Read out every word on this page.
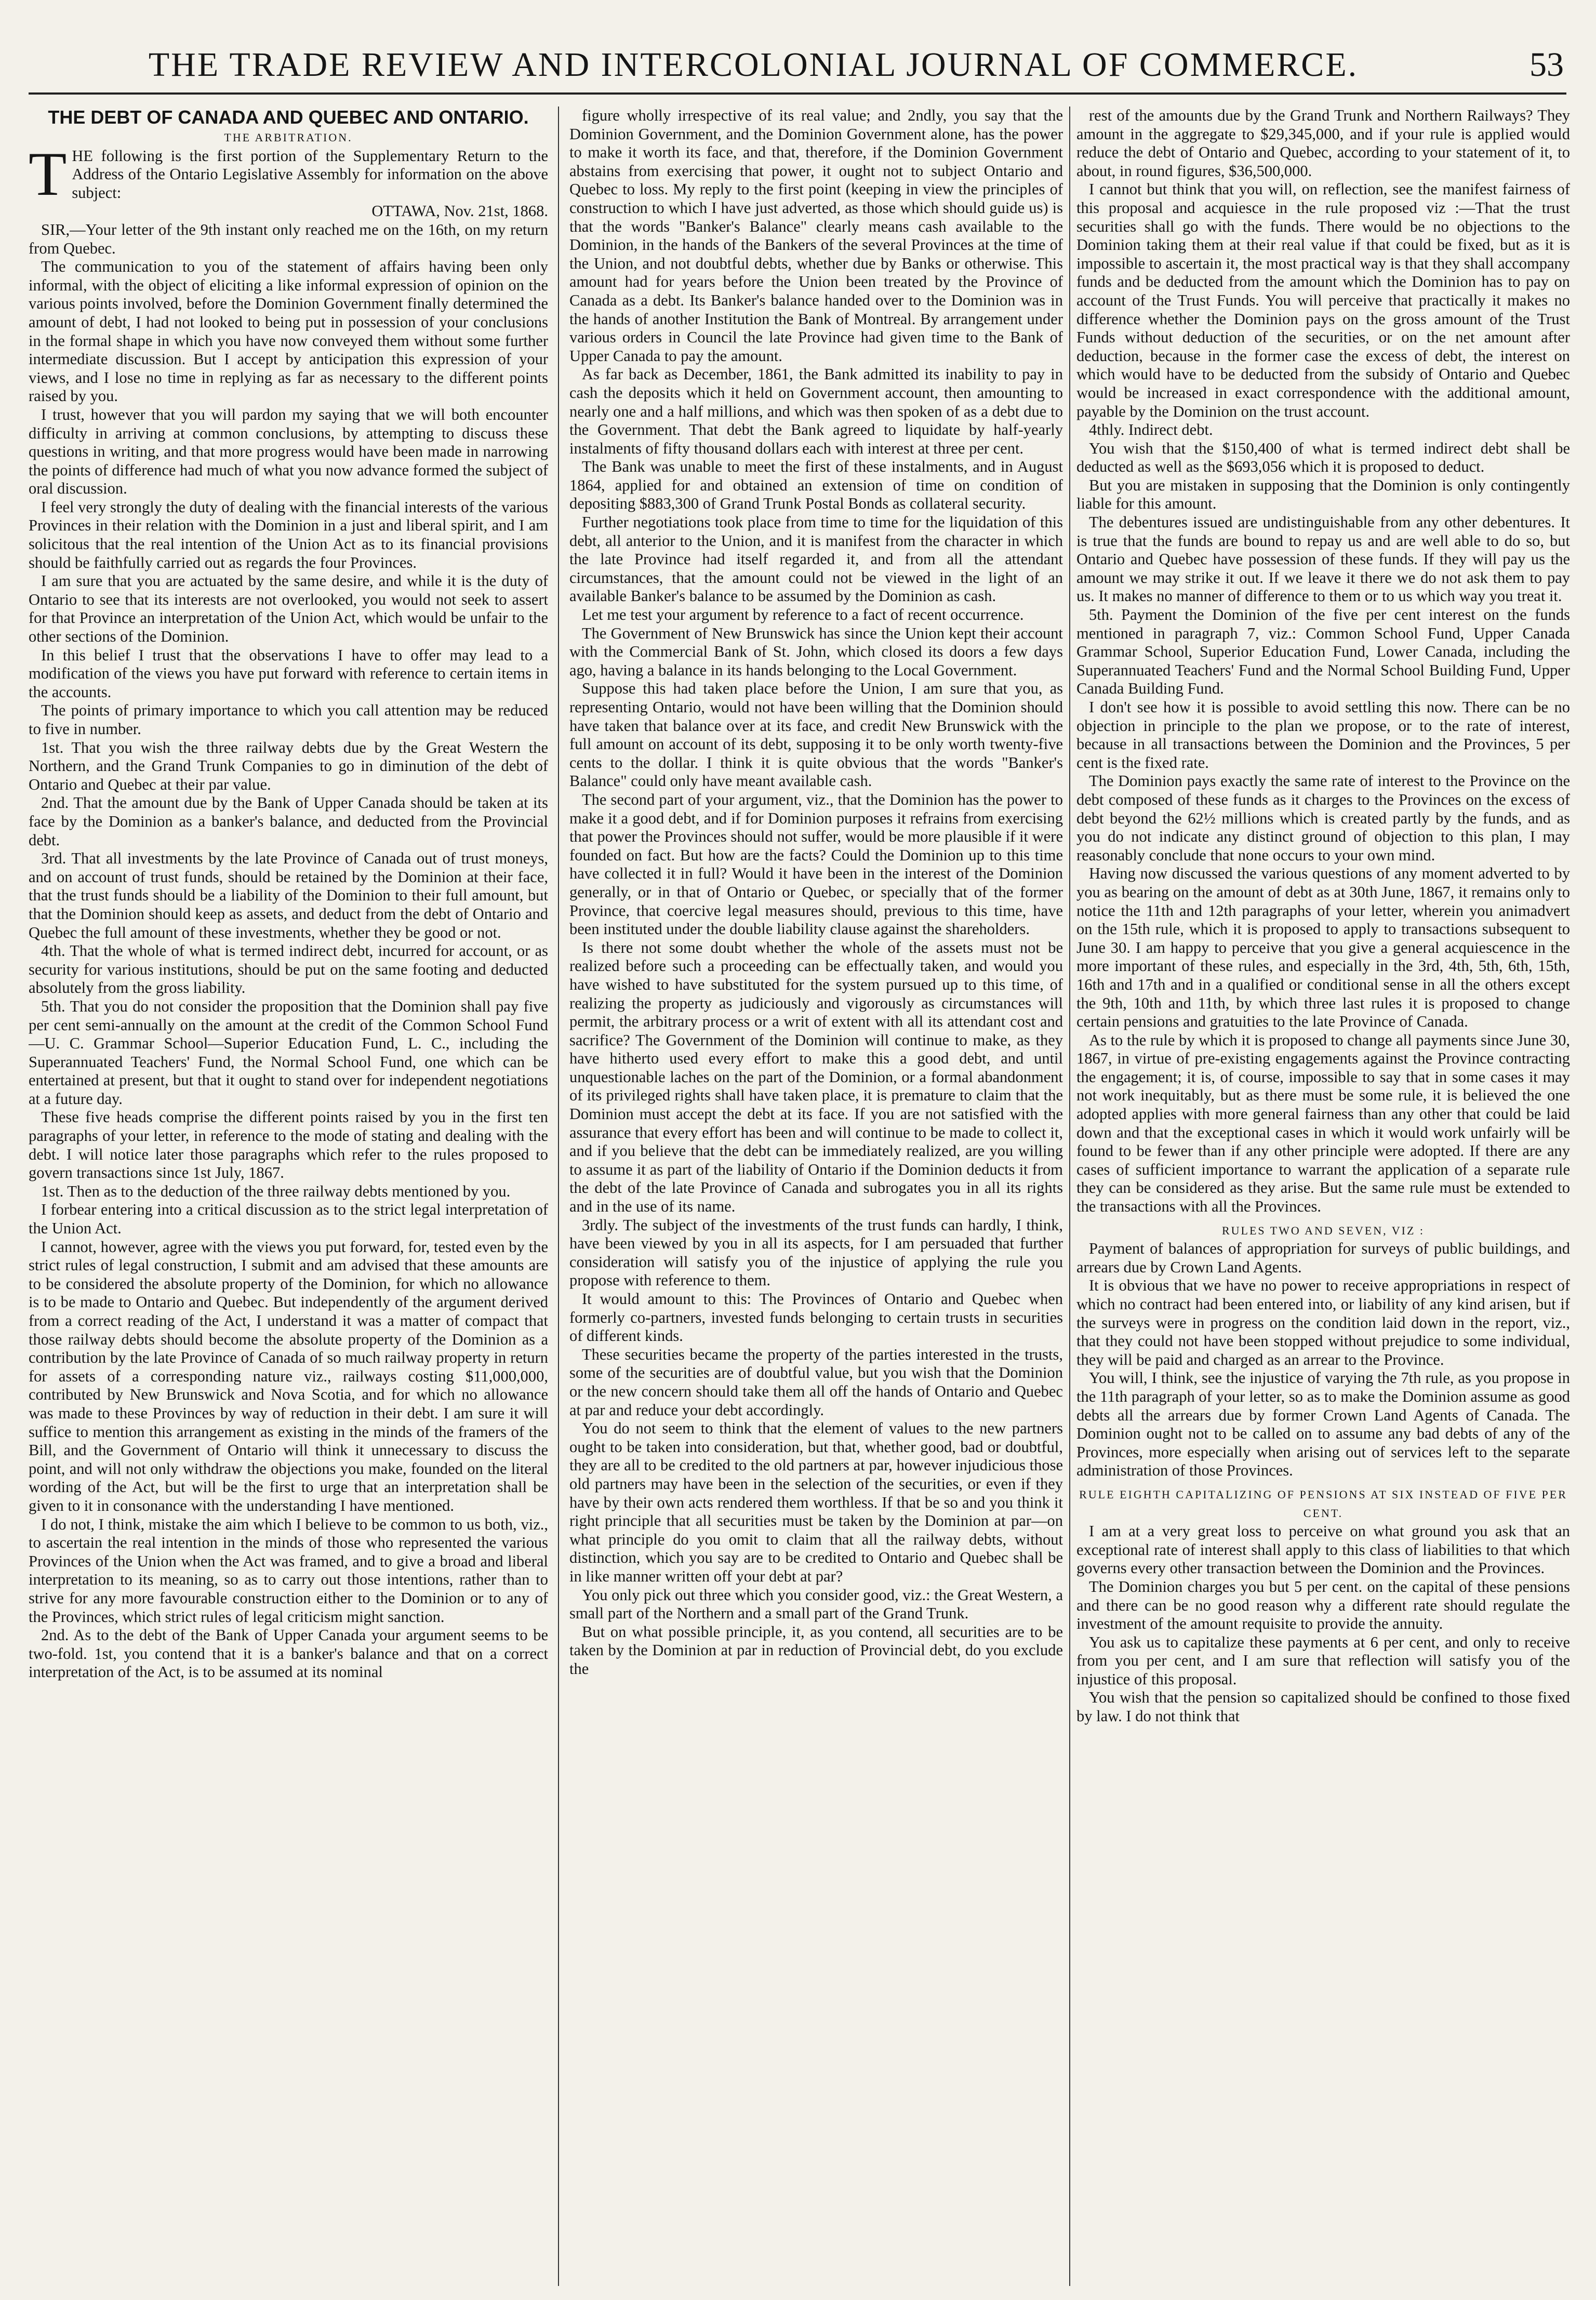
THE TRADE REVIEW AND INTERCOLONIAL JOURNAL OF COMMERCE.	53

THE DEBT OF CANADA AND QUEBEC AND ONTARIO.

THE ARBITRATION.

THE following is the first portion of the Supplementary Return to the Address of the Ontario Legislative Assembly for information on the above subject:

OTTAWA, Nov. 21st, 1868.

SIR,—Your letter of the 9th instant only reached me on the 16th, on my return from Quebec.

The communication to you of the statement of affairs having been only informal, with the object of eliciting a like informal expression of opinion on the various points involved, before the Dominion Government finally determined the amount of debt, I had not looked to being put in possession of your conclusions in the formal shape in which you have now conveyed them without some further intermediate discussion. But I accept by anticipation this expression of your views, and I lose no time in replying as far as necessary to the different points raised by you.

I trust, however that you will pardon my saying that we will both encounter difficulty in arriving at common conclusions, by attempting to discuss these questions in writing, and that more progress would have been made in narrowing the points of difference had much of what you now advance formed the subject of oral discussion.

I feel very strongly the duty of dealing with the financial interests of the various Provinces in their relation with the Dominion in a just and liberal spirit, and I am solicitous that the real intention of the Union Act as to its financial provisions should be faithfully carried out as regards the four Provinces.

I am sure that you are actuated by the same desire, and while it is the duty of Ontario to see that its interests are not overlooked, you would not seek to assert for that Province an interpretation of the Union Act, which would be unfair to the other sections of the Dominion.

In this belief I trust that the observations I have to offer may lead to a modification of the views you have put forward with reference to certain items in the accounts.

The points of primary importance to which you call attention may be reduced to five in number.

1st. That you wish the three railway debts due by the Great Western the Northern, and the Grand Trunk Companies to go in diminution of the debt of Ontario and Quebec at their par value.

2nd. That the amount due by the Bank of Upper Canada should be taken at its face by the Dominion as a banker's balance, and deducted from the Provincial debt.

3rd. That all investments by the late Province of Canada out of trust moneys, and on account of trust funds, should be retained by the Dominion at their face, that the trust funds should be a liability of the Dominion to their full amount, but that the Dominion should keep as assets, and deduct from the debt of Ontario and Quebec the full amount of these investments, whether they be good or not.

4th. That the whole of what is termed indirect debt, incurred for account, or as security for various institutions, should be put on the same footing and deducted absolutely from the gross liability.

5th. That you do not consider the proposition that the Dominion shall pay five per cent semi-annually on the amount at the credit of the Common School Fund —U. C. Grammar School—Superior Education Fund, L. C., including the Superannuated Teachers' Fund, the Normal School Fund, one which can be entertained at present, but that it ought to stand over for independent negotiations at a future day.

These five heads comprise the different points raised by you in the first ten paragraphs of your letter, in reference to the mode of stating and dealing with the debt. I will notice later those paragraphs which refer to the rules proposed to govern transactions since 1st July, 1867.

1st. Then as to the deduction of the three railway debts mentioned by you.

I forbear entering into a critical discussion as to the strict legal interpretation of the Union Act.

I cannot, however, agree with the views you put forward, for, tested even by the strict rules of legal construction, I submit and am advised that these amounts are to be considered the absolute property of the Dominion, for which no allowance is to be made to Ontario and Quebec. But independently of the argument derived from a correct reading of the Act, I understand it was a matter of compact that those railway debts should become the absolute property of the Dominion as a contribution by the late Province of Canada of so much railway property in return for assets of a corresponding nature viz., railways costing $11,000,000, contributed by New Brunswick and Nova Scotia, and for which no allowance was made to these Provinces by way of reduction in their debt. I am sure it will suffice to mention this arrangement as existing in the minds of the framers of the Bill, and the Government of Ontario will think it unnecessary to discuss the point, and will not only withdraw the objections you make, founded on the literal wording of the Act, but will be the first to urge that an interpretation shall be given to it in consonance with the understanding I have mentioned.

I do not, I think, mistake the aim which I believe to be common to us both, viz., to ascertain the real intention in the minds of those who represented the various Provinces of the Union when the Act was framed, and to give a broad and liberal interpretation to its meaning, so as to carry out those intentions, rather than to strive for any more favourable construction either to the Dominion or to any of the Provinces, which strict rules of legal criticism might sanction.

2nd. As to the debt of the Bank of Upper Canada your argument seems to be two-fold. 1st, you contend that it is a banker's balance and that on a correct interpretation of the Act, is to be assumed at its nominal

figure wholly irrespective of its real value; and 2ndly, you say that the Dominion Government, and the Dominion Government alone, has the power to make it worth its face, and that, therefore, if the Dominion Government abstains from exercising that power, it ought not to subject Ontario and Quebec to loss. My reply to the first point (keeping in view the principles of construction to which I have just adverted, as those which should guide us) is that the words "Banker's Balance" clearly means cash available to the Dominion, in the hands of the Bankers of the several Provinces at the time of the Union, and not doubtful debts, whether due by Banks or otherwise. This amount had for years before the Union been treated by the Province of Canada as a debt. Its Banker's balance handed over to the Dominion was in the hands of another Institution the Bank of Montreal. By arrangement under various orders in Council the late Province had given time to the Bank of Upper Canada to pay the amount.

As far back as December, 1861, the Bank admitted its inability to pay in cash the deposits which it held on Government account, then amounting to nearly one and a half millions, and which was then spoken of as a debt due to the Government. That debt the Bank agreed to liquidate by half-yearly instalments of fifty thousand dollars each with interest at three per cent.

The Bank was unable to meet the first of these instalments, and in August 1864, applied for and obtained an extension of time on condition of depositing $883,300 of Grand Trunk Postal Bonds as collateral security.

Further negotiations took place from time to time for the liquidation of this debt, all anterior to the Union, and it is manifest from the character in which the late Province had itself regarded it, and from all the attendant circumstances, that the amount could not be viewed in the light of an available Banker's balance to be assumed by the Dominion as cash.

Let me test your argument by reference to a fact of recent occurrence.

The Government of New Brunswick has since the Union kept their account with the Commercial Bank of St. John, which closed its doors a few days ago, having a balance in its hands belonging to the Local Government.

Suppose this had taken place before the Union, I am sure that you, as representing Ontario, would not have been willing that the Dominion should have taken that balance over at its face, and credit New Brunswick with the full amount on account of its debt, supposing it to be only worth twenty-five cents to the dollar. I think it is quite obvious that the words "Banker's Balance" could only have meant available cash.

The second part of your argument, viz., that the Dominion has the power to make it a good debt, and if for Dominion purposes it refrains from exercising that power the Provinces should not suffer, would be more plausible if it were founded on fact. But how are the facts? Could the Dominion up to this time have collected it in full? Would it have been in the interest of the Dominion generally, or in that of Ontario or Quebec, or specially that of the former Province, that coercive legal measures should, previous to this time, have been instituted under the double liability clause against the shareholders.

Is there not some doubt whether the whole of the assets must not be realized before such a proceeding can be effectually taken, and would you have wished to have substituted for the system pursued up to this time, of realizing the property as judiciously and vigorously as circumstances will permit, the arbitrary process or a writ of extent with all its attendant cost and sacrifice? The Government of the Dominion will continue to make, as they have hitherto used every effort to make this a good debt, and until unquestionable laches on the part of the Dominion, or a formal abandonment of its privileged rights shall have taken place, it is premature to claim that the Dominion must accept the debt at its face. If you are not satisfied with the assurance that every effort has been and will continue to be made to collect it, and if you believe that the debt can be immediately realized, are you willing to assume it as part of the liability of Ontario if the Dominion deducts it from the debt of the late Province of Canada and subrogates you in all its rights and in the use of its name.

3rdly. The subject of the investments of the trust funds can hardly, I think, have been viewed by you in all its aspects, for I am persuaded that further consideration will satisfy you of the injustice of applying the rule you propose with reference to them.

It would amount to this: The Provinces of Ontario and Quebec when formerly co-partners, invested funds belonging to certain trusts in securities of different kinds.

These securities became the property of the parties interested in the trusts, some of the securities are of doubtful value, but you wish that the Dominion or the new concern should take them all off the hands of Ontario and Quebec at par and reduce your debt accordingly.

You do not seem to think that the element of values to the new partners ought to be taken into consideration, but that, whether good, bad or doubtful, they are all to be credited to the old partners at par, however injudicious those old partners may have been in the selection of the securities, or even if they have by their own acts rendered them worthless. If that be so and you think it right principle that all securities must be taken by the Dominion at par—on what principle do you omit to claim that all the railway debts, without distinction, which you say are to be credited to Ontario and Quebec shall be in like manner written off your debt at par?

You only pick out three which you consider good, viz.: the Great Western, a small part of the Northern and a small part of the Grand Trunk.

But on what possible principle, it, as you contend, all securities are to be taken by the Dominion at par in reduction of Provincial debt, do you exclude the

rest of the amounts due by the Grand Trunk and Northern Railways? They amount in the aggregate to $29,345,000, and if your rule is applied would reduce the debt of Ontario and Quebec, according to your statement of it, to about, in round figures, $36,500,000.

I cannot but think that you will, on reflection, see the manifest fairness of this proposal and acquiesce in the rule proposed viz :—That the trust securities shall go with the funds. There would be no objections to the Dominion taking them at their real value if that could be fixed, but as it is impossible to ascertain it, the most practical way is that they shall accompany funds and be deducted from the amount which the Dominion has to pay on account of the Trust Funds. You will perceive that practically it makes no difference whether the Dominion pays on the gross amount of the Trust Funds without deduction of the securities, or on the net amount after deduction, because in the former case the excess of debt, the interest on which would have to be deducted from the subsidy of Ontario and Quebec would be increased in exact correspondence with the additional amount, payable by the Dominion on the trust account.

4thly. Indirect debt.

You wish that the $150,400 of what is termed indirect debt shall be deducted as well as the $693,056 which it is proposed to deduct.

But you are mistaken in supposing that the Dominion is only contingently liable for this amount.

The debentures issued are undistinguishable from any other debentures. It is true that the funds are bound to repay us and are well able to do so, but Ontario and Quebec have possession of these funds. If they will pay us the amount we may strike it out. If we leave it there we do not ask them to pay us. It makes no manner of difference to them or to us which way you treat it.

5th. Payment the Dominion of the five per cent interest on the funds mentioned in paragraph 7, viz.: Common School Fund, Upper Canada Grammar School, Superior Education Fund, Lower Canada, including the Superannuated Teachers' Fund and the Normal School Building Fund, Upper Canada Building Fund.

I don't see how it is possible to avoid settling this now. There can be no objection in principle to the plan we propose, or to the rate of interest, because in all transactions between the Dominion and the Provinces, 5 per cent is the fixed rate.

The Dominion pays exactly the same rate of interest to the Province on the debt composed of these funds as it charges to the Provinces on the excess of debt beyond the 62½ millions which is created partly by the funds, and as you do not indicate any distinct ground of objection to this plan, I may reasonably conclude that none occurs to your own mind.

Having now discussed the various questions of any moment adverted to by you as bearing on the amount of debt as at 30th June, 1867, it remains only to notice the 11th and 12th paragraphs of your letter, wherein you animadvert on the 15th rule, which it is proposed to apply to transactions subsequent to June 30. I am happy to perceive that you give a general acquiescence in the more important of these rules, and especially in the 3rd, 4th, 5th, 6th, 15th, 16th and 17th and in a qualified or conditional sense in all the others except the 9th, 10th and 11th, by which three last rules it is proposed to change certain pensions and gratuities to the late Province of Canada.

As to the rule by which it is proposed to change all payments since June 30, 1867, in virtue of pre-existing engagements against the Province contracting the engagement; it is, of course, impossible to say that in some cases it may not work inequitably, but as there must be some rule, it is believed the one adopted applies with more general fairness than any other that could be laid down and that the exceptional cases in which it would work unfairly will be found to be fewer than if any other principle were adopted. If there are any cases of sufficient importance to warrant the application of a separate rule they can be considered as they arise. But the same rule must be extended to the transactions with all the Provinces.

RULES TWO AND SEVEN, VIZ :

Payment of balances of appropriation for surveys of public buildings, and arrears due by Crown Land Agents.

It is obvious that we have no power to receive appropriations in respect of which no contract had been entered into, or liability of any kind arisen, but if the surveys were in progress on the condition laid down in the report, viz., that they could not have been stopped without prejudice to some individual, they will be paid and charged as an arrear to the Province.

You will, I think, see the injustice of varying the 7th rule, as you propose in the 11th paragraph of your letter, so as to make the Dominion assume as good debts all the arrears due by former Crown Land Agents of Canada. The Dominion ought not to be called on to assume any bad debts of any of the Provinces, more especially when arising out of services left to the separate administration of those Provinces.

RULE EIGHTH CAPITALIZING OF PENSIONS AT SIX INSTEAD OF FIVE PER CENT.

I am at a very great loss to perceive on what ground you ask that an exceptional rate of interest shall apply to this class of liabilities to that which governs every other transaction between the Dominion and the Provinces.

The Dominion charges you but 5 per cent. on the capital of these pensions and there can be no good reason why a different rate should regulate the investment of the amount requisite to provide the annuity.

You ask us to capitalize these payments at 6 per cent, and only to receive from you per cent, and I am sure that reflection will satisfy you of the injustice of this proposal.

You wish that the pension so capitalized should be confined to those fixed by law. I do not think that
